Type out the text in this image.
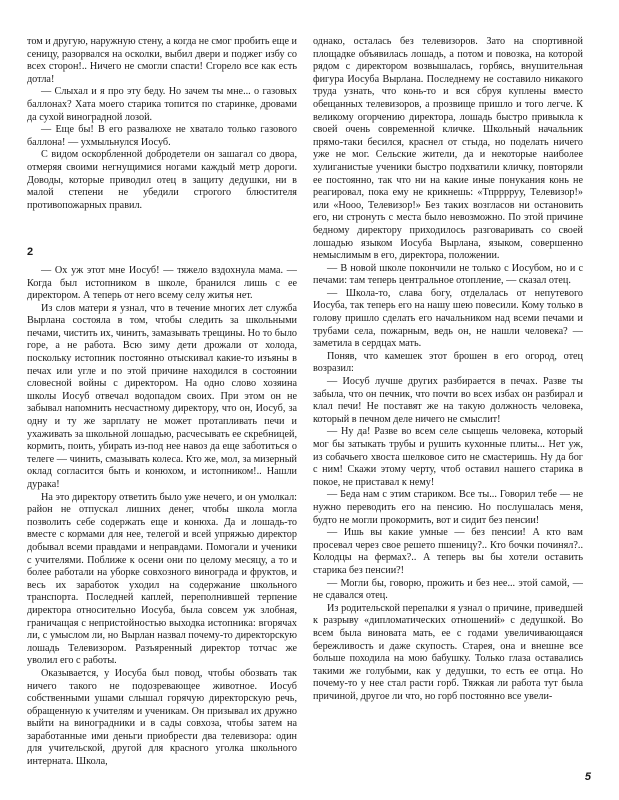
том и другую, наружную стену, а когда не смог пробить еще и сеницу, разорвался на осколки, выбил двери и поджег избу со всех сторон!.. Ничего не смогли спасти! Сгорело все как есть дотла!

— Слыхал и я про эту беду. Но зачем ты мне... о газовых баллонах? Хата моего старика топится по старинке, дровами да сухой виноградной лозой.

— Еще бы! В его развалюхе не хватало только газового баллона! — ухмыльнулся Иосуб.

С видом оскорбленной добродетели он зашагал со двора, отмеряя своими негнущимися ногами каждый метр дороги. Доводы, которые приводил отец в защиту дедушки, ни в малой степени не убедили строгого блюстителя противопожарных правил.

2

— Ох уж этот мне Иосуб! — тяжело вздохнула мама. — Когда был истопником в школе, бранился лишь с ее директором. А теперь от него всему селу житья нет.

Из слов матери я узнал, что в течение многих лет служба Вырлана состояла в том, чтобы следить за школьными печами, чистить их, чинить, замазывать трещины. Но то было горе, а не работа. Всю зиму дети дрожали от холода, поскольку истопник постоянно отыскивал какие-то изъяны в печах или угле и по этой причине находился в состоянии словесной войны с директором. На одно слово хозяина школы Иосуб отвечал водопадом своих. При этом он не забывал напомнить несчастному директору, что он, Иосуб, за одну и ту же зарплату не может протапливать печи и ухаживать за школьной лошадью, расчесывать ее скребницей, кормить, поить, убирать из-под нее навоз да еще заботиться о телеге — чинить, смазывать колеса. Кто же, мол, за мизерный оклад согласится быть и конюхом, и истопником!.. Нашли дурака!

На это директору ответить было уже нечего, и он умолкал: район не отпускал лишних денег, чтобы школа могла позволить себе содержать еще и конюха. Да и лошадь-то вместе с кормами для нее, телегой и всей упряжью директор добывал всеми правдами и неправдами. Помогали и ученики с учителями. Поближе к осени они по целому месяцу, а то и более работали на уборке совхозного винограда и фруктов, и весь их заработок уходил на содержание школьного транспорта. Последней каплей, переполнившей терпение директора относительно Иосуба, была совсем уж злобная, граничащая с непристойностью выходка истопника: вгорячах ли, с умыслом ли, но Вырлан назвал почему-то директорскую лошадь Телевизором. Разъяренный директор тотчас же уволил его с работы.

Оказывается, у Иосуба был повод, чтобы обозвать так ничего такого не подозревающее животное. Иосуб собственными ушами слышал горячую директорскую речь, обращенную к учителям и ученикам. Он призывал их дружно выйти на виноградники и в сады совхоза, чтобы затем на заработанные ими деньги приобрести два телевизора: один для учительской, другой для красного уголка школьного интерната. Школа,

однако, осталась без телевизоров. Зато на спортивной площадке объявилась лошадь, а потом и повозка, на которой рядом с директором возвышалась, горбясь, внушительная фигура Иосуба Вырлана. Последнему не составило никакого труда узнать, что конь-то и вся сбруя куплены вместо обещанных телевизоров, а прозвище пришло и того легче. К великому огорчению директора, лошадь быстро привыкла к своей очень современной кличке. Школьный начальник прямо-таки бесился, краснел от стыда, но поделать ничего уже не мог. Сельские жители, да и некоторые наиболее хулиганистые ученики быстро подхватили кличку, повторяли ее постоянно, так что ни на какие иные понукания конь не реагировал, пока ему не крикнешь: «Тпрррруу, Телевизор!» или «Нооо, Телевизор!» Без таких возгласов ни остановить его, ни стронуть с места было невозможно. По этой причине бедному директору приходилось разговаривать со своей лошадью языком Иосуба Вырлана, языком, совершенно немыслимым в его, директора, положении.

— В новой школе покончили не только с Иосубом, но и с печами: там теперь центральное отопление, — сказал отец.

— Школа-то, слава богу, отделалась от непутевого Иосуба, так теперь его на нашу шею повесили. Кому только в голову пришло сделать его начальником над всеми печами и трубами села, пожарным, ведь он, не нашли человека? — заметила в сердцах мать.

Поняв, что камешек этот брошен в его огород, отец возразил:

— Иосуб лучше других разбирается в печах. Разве ты забыла, что он печник, что почти во всех избах он разбирал и клал печи! Не поставят же на такую должность человека, который в печном деле ничего не смыслит!

— Ну да! Разве во всем селе сыщешь человека, который мог бы затыкать трубы и рушить кухонные плиты... Нет уж, из собачьего хвоста шелковое сито не смастеришь. Ну да бог с ним! Скажи этому черту, чтоб оставил нашего старика в покое, не приставал к нему!

— Беда нам с этим стариком. Все ты... Говорил тебе — не нужно переводить его на пенсию. Но послушалась меня, будто не могли прокормить, вот и сидит без пенсии!

— Ишь вы какие умные — без пенсии! А кто вам просевал через свое решето пшеницу?.. Кто бочки починял?.. Колодцы на фермах?.. А теперь вы бы хотели оставить старика без пенсии?!

— Могли бы, говорю, прожить и без нее... этой самой, — не сдавался отец.

Из родительской перепалки я узнал о причине, приведшей к разрыву «дипломатических отношений» с дедушкой. Во всем была виновата мать, ее с годами увеличивающаяся бережливость и даже скупость. Старея, она и внешне все больше походила на мою бабушку. Только глаза оставались такими же голубыми, как у дедушки, то есть ее отца. Но почему-то у нее стал расти горб. Тяжкая ли работа тут была причиной, другое ли что, но горб постоянно все увели-

5
